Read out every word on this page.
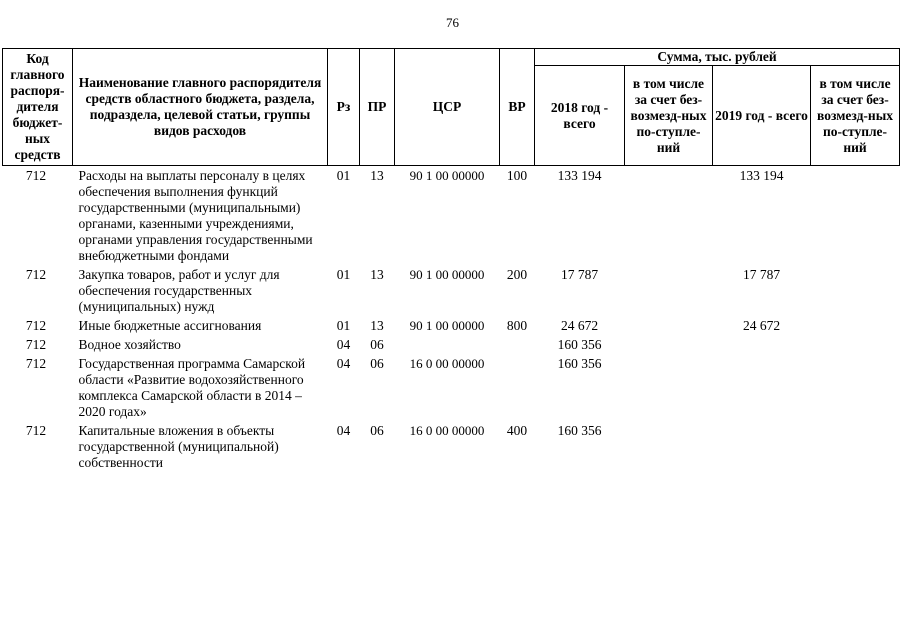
76
Код главного распоря-дителя бюджет-ных средств	Наименование главного распорядителя средств областного бюджета, раздела, подраздела, целевой статьи, группы видов расходов	Рз	ПР	ЦСР	ВР	Сумма, тыс. рублей			
						2018 год - всего	в том числе за счет без-возмезд-ных по-ступле-ний	2019 год - всего	в том числе за счет без-возмезд-ных по-ступле-ний
712	Расходы на выплаты персоналу в целях обеспечения выполнения функций государственными (муниципальными) органами, казенными учреждениями, органами управления государственными внебюджетными фондами	01	13	90 1 00 00000	100	133 194		133 194	
712	Закупка товаров, работ и услуг для обеспечения государственных (муниципальных) нужд	01	13	90 1 00 00000	200	17 787		17 787	
712	Иные бюджетные ассигнования	01	13	90 1 00 00000	800	24 672		24 672	
712	Водное хозяйство	04	06			160 356			
712	Государственная программа Самарской области «Развитие водохозяйственного комплекса Самарской области в 2014 – 2020 годах»	04	06	16 0 00 00000		160 356			
712	Капитальные вложения в объекты государственной (муниципальной) собственности	04	06	16 0 00 00000	400	160 356			
